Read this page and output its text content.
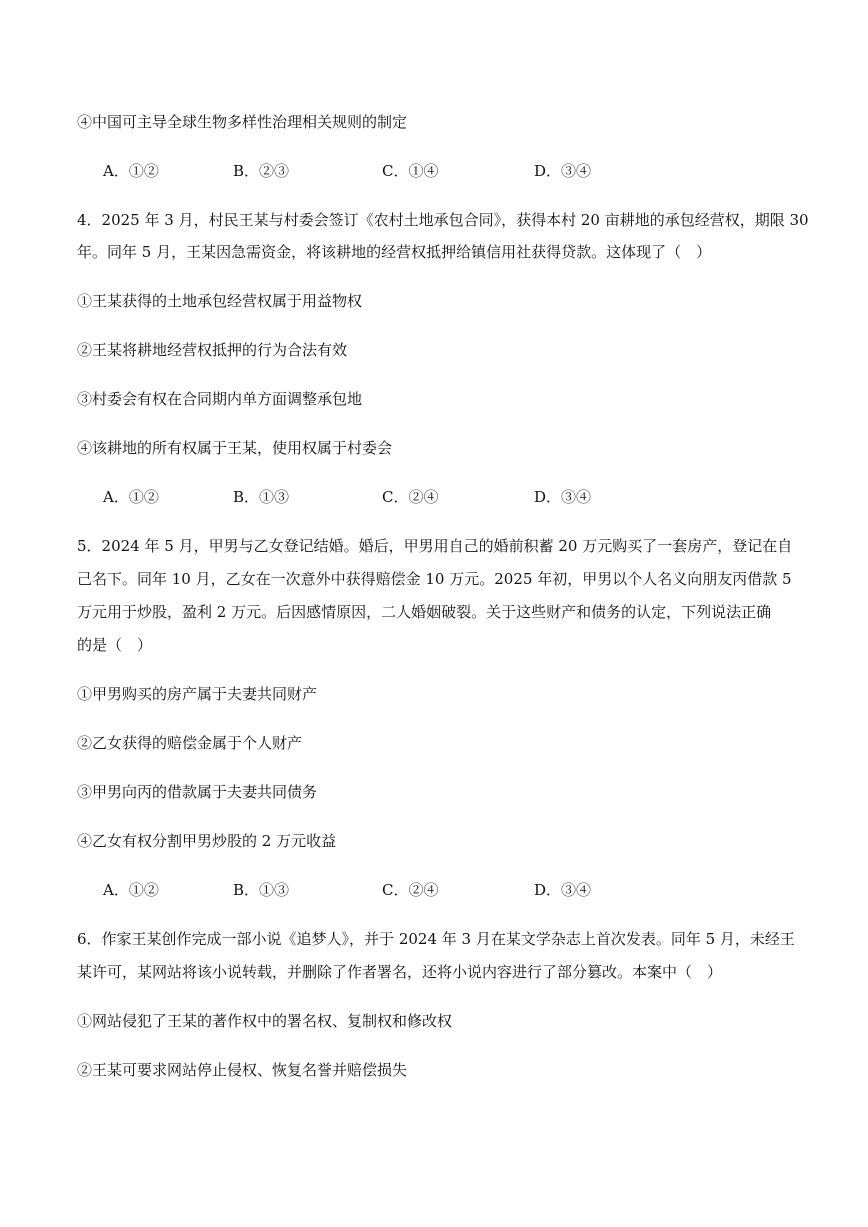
④中国可主导全球生物多样性治理相关规则的制定
A．①②	B．②③	C．①④	D．③④
4．2025 年 3 月，村民王某与村委会签订《农村土地承包合同》，获得本村 20 亩耕地的承包经营权，期限 30
年。同年 5 月，王某因急需资金，将该耕地的经营权抵押给镇信用社获得贷款。这体现了（　）
①王某获得的土地承包经营权属于用益物权
②王某将耕地经营权抵押的行为合法有效
③村委会有权在合同期内单方面调整承包地
④该耕地的所有权属于王某，使用权属于村委会
A．①②	B．①③	C．②④	D．③④
5．2024 年 5 月，甲男与乙女登记结婚。婚后，甲男用自己的婚前积蓄 20 万元购买了一套房产，登记在自
己名下。同年 10 月，乙女在一次意外中获得赔偿金 10 万元。2025 年初，甲男以个人名义向朋友丙借款 5
万元用于炒股，盈利 2 万元。后因感情原因，二人婚姻破裂。关于这些财产和债务的认定，下列说法正确
的是（　）
①甲男购买的房产属于夫妻共同财产
②乙女获得的赔偿金属于个人财产
③甲男向丙的借款属于夫妻共同债务
④乙女有权分割甲男炒股的 2 万元收益
A．①②	B．①③	C．②④	D．③④
6．作家王某创作完成一部小说《追梦人》，并于 2024 年 3 月在某文学杂志上首次发表。同年 5 月，未经王
某许可，某网站将该小说转载，并删除了作者署名，还将小说内容进行了部分篡改。本案中（　）
①网站侵犯了王某的著作权中的署名权、复制权和修改权
②王某可要求网站停止侵权、恢复名誉并赔偿损失
